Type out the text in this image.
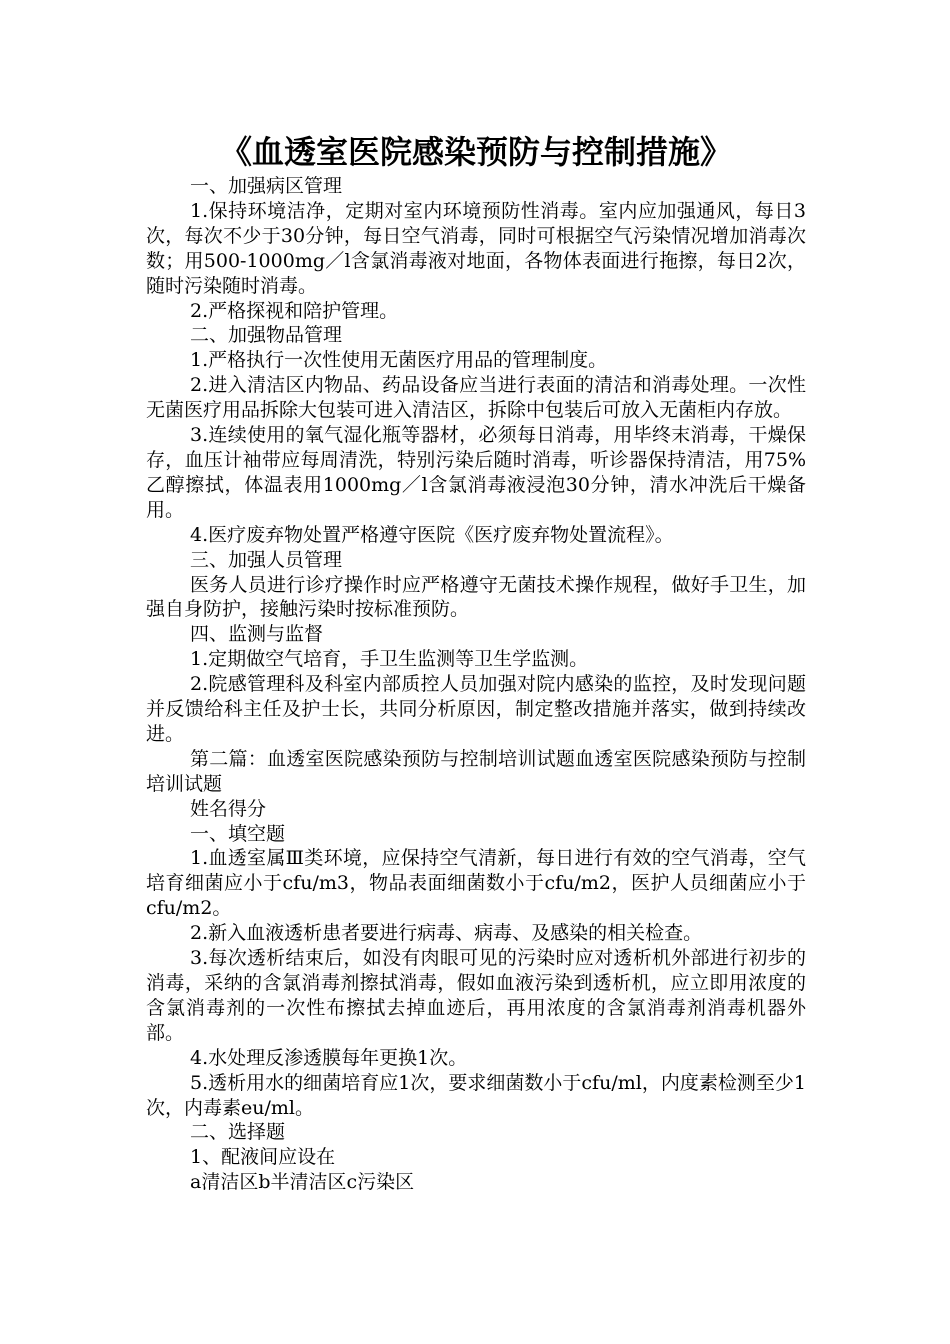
《血透室医院感染预防与控制措施》

一、加强病区管理

1.保持环境洁净，定期对室内环境预防性消毒。室内应加强通风，每日3次，每次不少于30分钟，每日空气消毒，同时可根据空气污染情况增加消毒次数；用500-1000mg／l含氯消毒液对地面，各物体表面进行拖擦，每日2次，随时污染随时消毒。

2.严格探视和陪护管理。

二、加强物品管理

1.严格执行一次性使用无菌医疗用品的管理制度。

2.进入清洁区内物品、药品设备应当进行表面的清洁和消毒处理。一次性无菌医疗用品拆除大包装可进入清洁区，拆除中包装后可放入无菌柜内存放。

3.连续使用的氧气湿化瓶等器材，必须每日消毒，用毕终末消毒，干燥保存，血压计袖带应每周清洗，特别污染后随时消毒，听诊器保持清洁，用75%乙醇擦拭，体温表用1000mg／l含氯消毒液浸泡30分钟，清水冲洗后干燥备用。

4.医疗废弃物处置严格遵守医院《医疗废弃物处置流程》。

三、加强人员管理

医务人员进行诊疗操作时应严格遵守无菌技术操作规程，做好手卫生，加强自身防护，接触污染时按标准预防。

四、监测与监督

1.定期做空气培育，手卫生监测等卫生学监测。

2.院感管理科及科室内部质控人员加强对院内感染的监控，及时发现问题并反馈给科主任及护士长，共同分析原因，制定整改措施并落实，做到持续改进。

第二篇：血透室医院感染预防与控制培训试题血透室医院感染预防与控制培训试题

姓名得分

一、填空题

1.血透室属Ⅲ类环境，应保持空气清新，每日进行有效的空气消毒，空气培育细菌应小于cfu/m3，物品表面细菌数小于cfu/m2，医护人员细菌应小于cfu/m2。

2.新入血液透析患者要进行病毒、病毒、及感染的相关检查。

3.每次透析结束后，如没有肉眼可见的污染时应对透析机外部进行初步的消毒，采纳的含氯消毒剂擦拭消毒，假如血液污染到透析机，应立即用浓度的含氯消毒剂的一次性布擦拭去掉血迹后，再用浓度的含氯消毒剂消毒机器外部。

4.水处理反渗透膜每年更换1次。

5.透析用水的细菌培育应1次，要求细菌数小于cfu/ml，内度素检测至少1次，内毒素eu/ml。

二、选择题

1、配液间应设在

a清洁区b半清洁区c污染区
